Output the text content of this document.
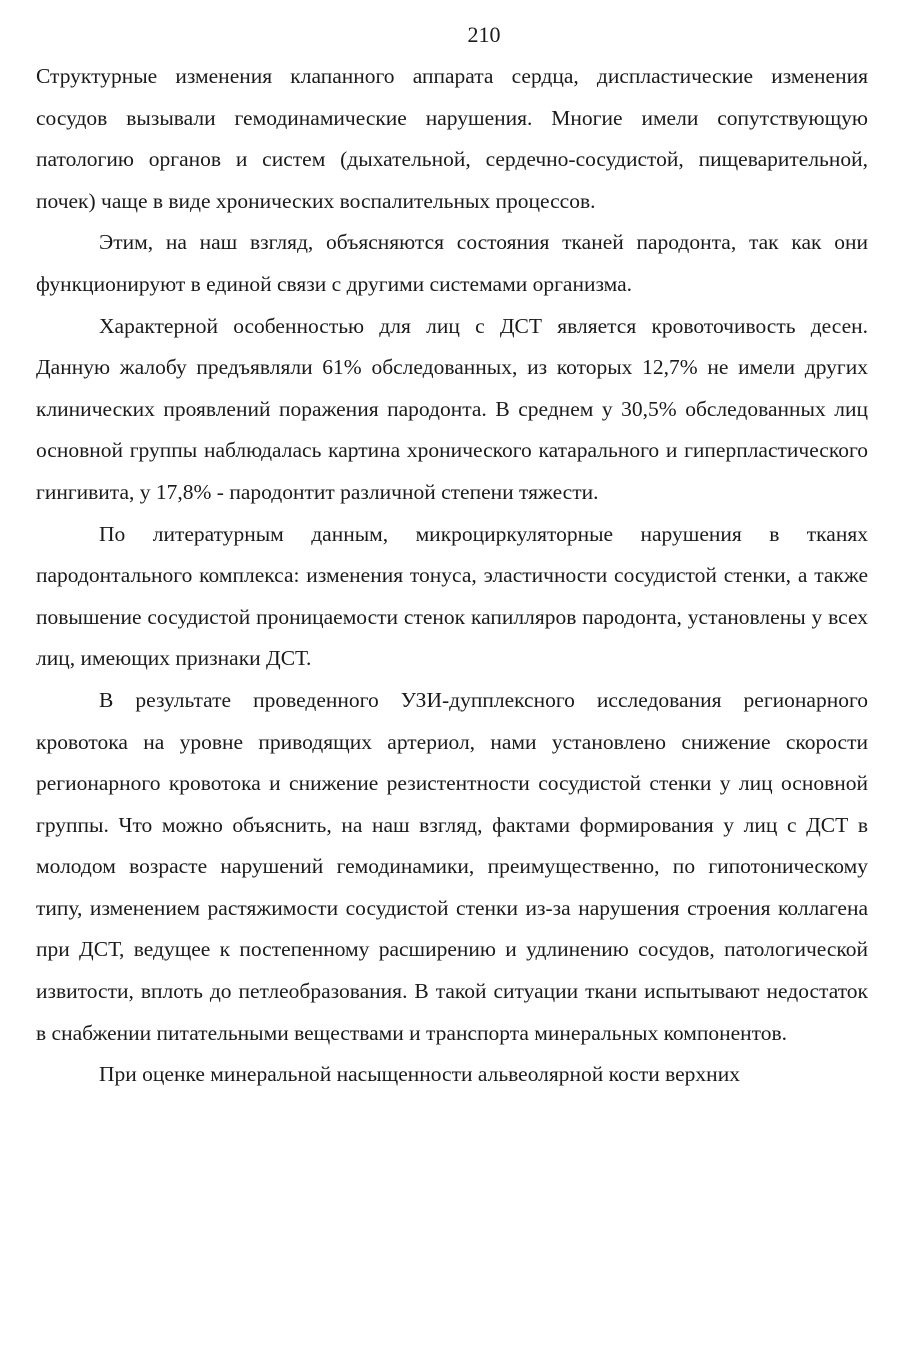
210

Структурные изменения клапанного аппарата сердца, диспластические изменения сосудов вызывали гемодинамические нарушения. Многие имели сопутствующую патологию органов и систем (дыхательной, сердечно-сосудистой, пищеварительной, почек) чаще в виде хронических воспалительных процессов.

Этим, на наш взгляд, объясняются состояния тканей пародонта, так как они функционируют в единой связи с другими системами организма.

Характерной особенностью для лиц с ДСТ является кровоточивость десен. Данную жалобу предъявляли 61% обследованных, из которых 12,7% не имели других клинических проявлений поражения пародонта. В среднем у 30,5% обследованных лиц основной группы наблюдалась картина хронического катарального и гиперпластического гингивита, у 17,8% - пародонтит различной степени тяжести.

По литературным данным, микроциркуляторные нарушения в тканях пародонтального комплекса: изменения тонуса, эластичности сосудистой стенки, а также повышение сосудистой проницаемости стенок капилляров пародонта, установлены у всех лиц, имеющих признаки ДСТ.

В результате проведенного УЗИ-дупплексного исследования регионарного кровотока на уровне приводящих артериол, нами установлено снижение скорости регионарного кровотока и снижение резистентности сосудистой стенки у лиц основной группы. Что можно объяснить, на наш взгляд, фактами формирования у лиц с ДСТ в молодом возрасте нарушений гемодинамики, преимущественно, по гипотоническому типу, изменением растяжимости сосудистой стенки из-за нарушения строения коллагена при ДСТ, ведущее к постепенному расширению и удлинению сосудов, патологической извитости, вплоть до петлеобразования. В такой ситуации ткани испытывают недостаток в снабжении питательными веществами и транспорта минеральных компонентов.

При оценке минеральной насыщенности альвеолярной кости верхних
